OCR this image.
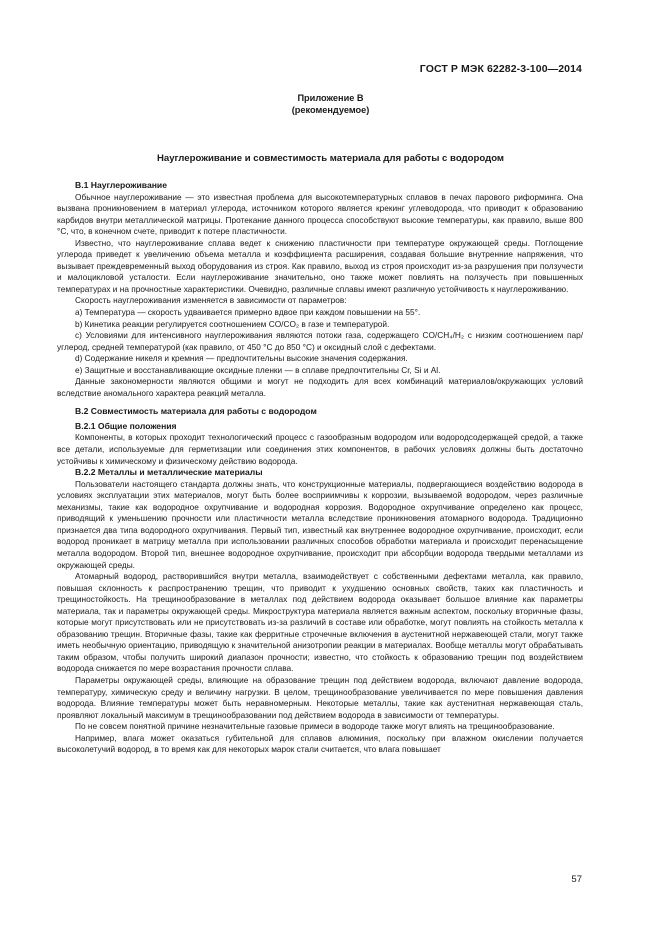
ГОСТ Р МЭК 62282-3-100—2014
Приложение В
(рекомендуемое)
Науглероживание и совместимость материала для работы с водородом
В.1 Науглероживание

Обычное науглероживание — это известная проблема для высокотемпературных сплавов в печах парового риформинга. Она вызвана проникновением в материал углерода, источником которого является крекинг углеводорода, что приводит к образованию карбидов внутри металлической матрицы. Протекание данного процесса способствуют высокие температуры, как правило, выше 800 °С, что, в конечном счете, приводит к потере пластичности.

Известно, что науглероживание сплава ведет к снижению пластичности при температуре окружающей среды. Поглощение углерода приведет к увеличению объема металла и коэффициента расширения, создавая большие внутренние напряжения, что вызывает преждевременный выход оборудования из строя. Как правило, выход из строя происходит из-за разрушения при ползучести и малоцикловой усталости. Если науглероживание значительно, оно также может повлиять на ползучесть при повышенных температурах и на прочностные характеристики. Очевидно, различные сплавы имеют различную устойчивость к науглероживанию.

Скорость науглероживания изменяется в зависимости от параметров:

a) Температура — скорость удваивается примерно вдвое при каждом повышении на 55°.

b) Кинетика реакции регулируется соотношением CO/CO₂ в газе и температурой.

c) Условиями для интенсивного науглероживания являются потоки газа, содержащего CO/CH₄/H₂ с низким соотношением пар/углерод, средней температурой (как правило, от 450 °С до 850 °С) и оксидный слой с дефектами.

d) Содержание никеля и кремния — предпочтительны высокие значения содержания.

e) Защитные и восстанавливающие оксидные пленки — в сплаве предпочтительны Cr, Si и Al.

Данные закономерности являются общими и могут не подходить для всех комбинаций материалов/окружающих условий вследствие аномального характера реакций металла.

В.2 Совместимость материала для работы с водородом
В.2.1 Общие положения

Компоненты, в которых проходит технологический процесс с газообразным водородом или водородсодержащей средой, а также все детали, используемые для герметизации или соединения этих компонентов, в рабочих условиях должны быть достаточно устойчивы к химическому и физическому действию водорода.

В.2.2 Металлы и металлические материалы

Пользователи настоящего стандарта должны знать, что конструкционные материалы, подвергающиеся воздействию водорода в условиях эксплуатации этих материалов, могут быть более восприимчивы к коррозии, вызываемой водородом, через различные механизмы, такие как водородное охрупчивание и водородная коррозия. Водородное охрупчивание определено как процесс, приводящий к уменьшению прочности или пластичности металла вследствие проникновения атомарного водорода. Традиционно признается два типа водородного охрупчивания. Первый тип, известный как внутреннее водородное охрупчивание, происходит, если водород проникает в матрицу металла при использовании различных способов обработки материала и происходит перенасыщение металла водородом. Второй тип, внешнее водородное охрупчивание, происходит при абсорбции водорода твердыми металлами из окружающей среды.

Атомарный водород, растворившийся внутри металла, взаимодействует с собственными дефектами металла, как правило, повышая склонность к распространению трещин, что приводит к ухудшению основных свойств, таких как пластичность и трещиностойкость. На трещинообразование в металлах под действием водорода оказывает большое влияние как параметры материала, так и параметры окружающей среды. Микроструктура материала является важным аспектом, поскольку вторичные фазы, которые могут присутствовать или не присутствовать из-за различий в составе или обработке, могут повлиять на стойкость металла к образованию трещин. Вторичные фазы, такие как ферритные строчечные включения в аустенитной нержавеющей стали, могут также иметь необычную ориентацию, приводящую к значительной анизотропии реакции в материалах. Вообще металлы могут обрабатывать таким образом, чтобы получить широкий диапазон прочности; известно, что стойкость к образованию трещин под воздействием водорода снижается по мере возрастания прочности сплава.

Параметры окружающей среды, влияющие на образование трещин под действием водорода, включают давление водорода, температуру, химическую среду и величину нагрузки. В целом, трещинообразование увеличивается по мере повышения давления водорода. Влияние температуры может быть неравномерным. Некоторые металлы, такие как аустенитная нержавеющая сталь, проявляют локальный максимум в трещинообразовании под действием водорода в зависимости от температуры.

По не совсем понятной причине незначительные газовые примеси в водороде также могут влиять на трещинообразование.

Например, влага может оказаться губительной для сплавов алюминия, поскольку при влажном окислении получается высоколетучий водород, в то время как для некоторых марок стали считается, что влага повышает

57
